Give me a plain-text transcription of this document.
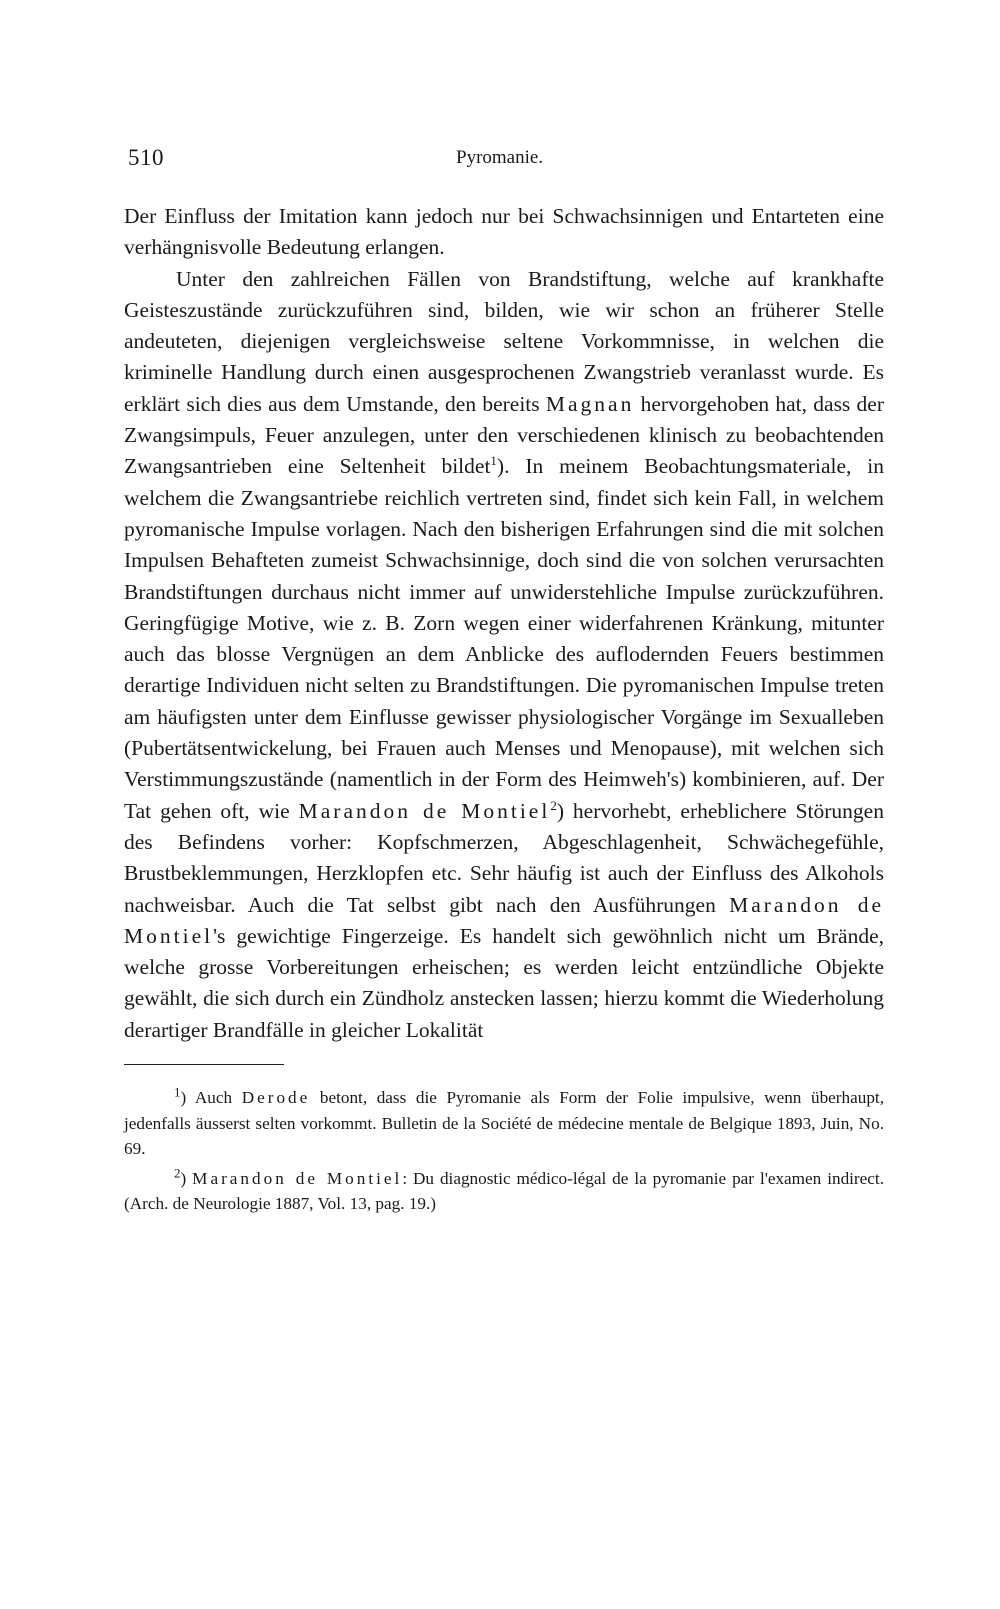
510	Pyromanie.

Der Einfluss der Imitation kann jedoch nur bei Schwachsinnigen und Entarteten eine verhängnisvolle Bedeutung erlangen.

Unter den zahlreichen Fällen von Brandstiftung, welche auf krankhafte Geisteszustände zurückzuführen sind, bilden, wie wir schon an früherer Stelle andeuteten, diejenigen vergleichsweise seltene Vorkommnisse, in welchen die kriminelle Handlung durch einen ausgesprochenen Zwangstrieb veranlasst wurde. Es erklärt sich dies aus dem Umstande, den bereits Magnan hervorgehoben hat, dass der Zwangsimpuls, Feuer anzulegen, unter den verschiedenen klinisch zu beobachtenden Zwangsantrieben eine Seltenheit bildet$^1$). In meinem Beobachtungsmateriale, in welchem die Zwangsantriebe reichlich vertreten sind, findet sich kein Fall, in welchem pyromanische Impulse vorlagen. Nach den bisherigen Erfahrungen sind die mit solchen Impulsen Behafteten zumeist Schwachsinnige, doch sind die von solchen verursachten Brandstiftungen durchaus nicht immer auf unwiderstehliche Impulse zurückzuführen. Geringfügige Motive, wie z. B. Zorn wegen einer widerfahrenen Kränkung, mitunter auch das blosse Vergnügen an dem Anblicke des auflodernden Feuers bestimmen derartige Individuen nicht selten zu Brandstiftungen. Die pyromanischen Impulse treten am häufigsten unter dem Einflusse gewisser physiologischer Vorgänge im Sexualleben (Pubertätsentwickelung, bei Frauen auch Menses und Menopause), mit welchen sich Verstimmungszustände (namentlich in der Form des Heimweh's) kombinieren, auf. Der Tat gehen oft, wie Marandon de Montiel$^2$) hervorhebt, erheblichere Störungen des Befindens vorher: Kopfschmerzen, Abgeschlagenheit, Schwächegefühle, Brustbeklemmungen, Herzklopfen etc. Sehr häufig ist auch der Einfluss des Alkohols nachweisbar. Auch die Tat selbst gibt nach den Ausführungen Marandon de Montiel's gewichtige Fingerzeige. Es handelt sich gewöhnlich nicht um Brände, welche grosse Vorbereitungen erheischen; es werden leicht entzündliche Objekte gewählt, die sich durch ein Zündholz anstecken lassen; hierzu kommt die Wiederholung derartiger Brandfälle in gleicher Lokalität

$^1$) Auch Derode betont, dass die Pyromanie als Form der Folie impulsive, wenn überhaupt, jedenfalls äusserst selten vorkommt. Bulletin de la Société de médecine mentale de Belgique 1893, Juin, No. 69.

$^2$) Marandon de Montiel: Du diagnostic médico-légal de la pyromanie par l'examen indirect. (Arch. de Neurologie 1887, Vol. 13, pag. 19.)
